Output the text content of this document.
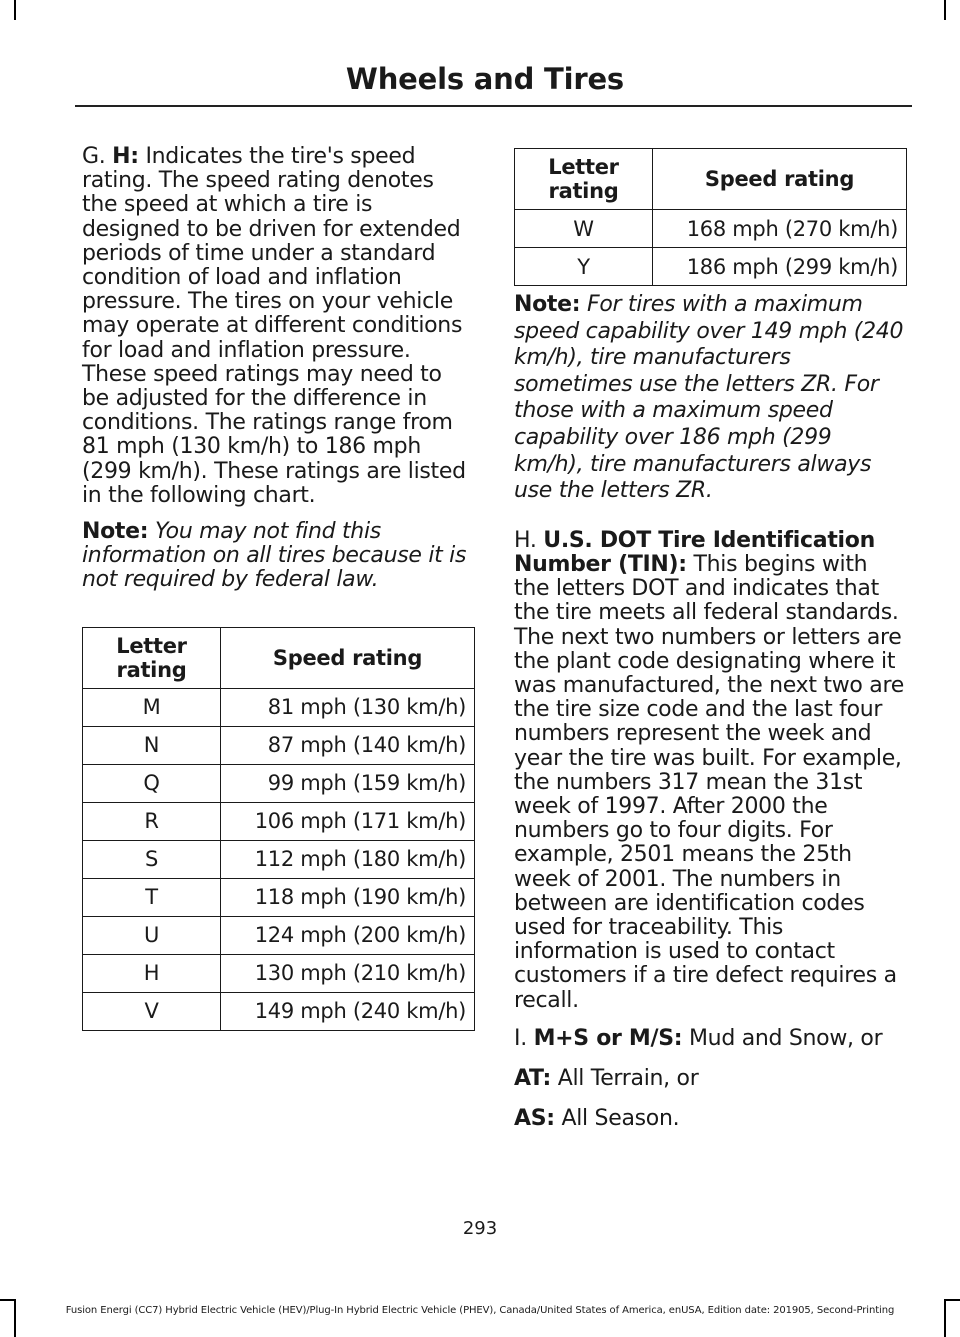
Wheels and Tires

G. H: Indicates the tire's speed rating. The speed rating denotes the speed at which a tire is designed to be driven for extended periods of time under a standard condition of load and inflation pressure. The tires on your vehicle may operate at different conditions for load and inflation pressure. These speed ratings may need to be adjusted for the difference in conditions. The ratings range from 81 mph (130 km/h) to 186 mph (299 km/h). These ratings are listed in the following chart.

Note: You may not find this information on all tires because it is not required by federal law.

Letter rating	Speed rating
M	81 mph (130 km/h)
N	87 mph (140 km/h)
Q	99 mph (159 km/h)
R	106 mph (171 km/h)
S	112 mph (180 km/h)
T	118 mph (190 km/h)
U	124 mph (200 km/h)
H	130 mph (210 km/h)
V	149 mph (240 km/h)
Letter rating	Speed rating
W	168 mph (270 km/h)
Y	186 mph (299 km/h)

Note: For tires with a maximum speed capability over 149 mph (240 km/h), tire manufacturers sometimes use the letters ZR. For those with a maximum speed capability over 186 mph (299 km/h), tire manufacturers always use the letters ZR.

H. U.S. DOT Tire Identification Number (TIN): This begins with the letters DOT and indicates that the tire meets all federal standards. The next two numbers or letters are the plant code designating where it was manufactured, the next two are the tire size code and the last four numbers represent the week and year the tire was built. For example, the numbers 317 mean the 31st week of 1997. After 2000 the numbers go to four digits. For example, 2501 means the 25th week of 2001. The numbers in between are identification codes used for traceability. This information is used to contact customers if a tire defect requires a recall.

I. M+S or M/S: Mud and Snow, or

AT: All Terrain, or

AS: All Season.

293
Fusion Energi (CC7) Hybrid Electric Vehicle (HEV)/Plug-In Hybrid Electric Vehicle (PHEV), Canada/United States of America, enUSA, Edition date: 201905, Second-Printing
